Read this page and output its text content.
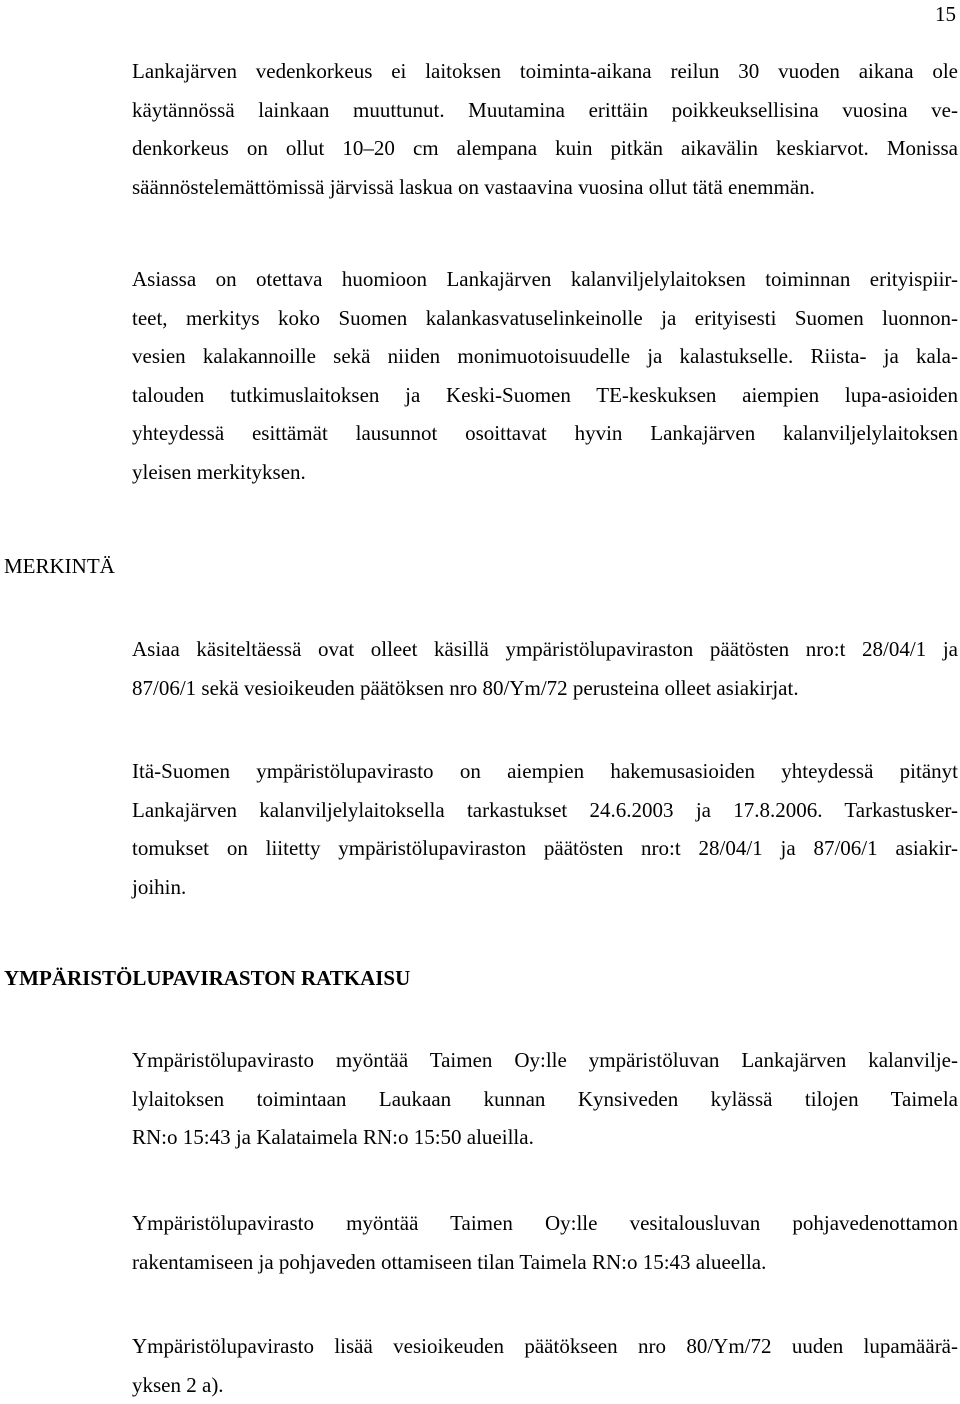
15
Lankajärven vedenkorkeus ei laitoksen toiminta-aikana reilun 30 vuoden aikana ole
käytännössä lainkaan muuttunut. Muutamina erittäin poikkeuksellisina vuosina ve-
denkorkeus on ollut 10–20 cm alempana kuin pitkän aikavälin keskiarvot. Monissa
säännöstelemättömissä järvissä laskua on vastaavina vuosina ollut tätä enemmän.
Asiassa on otettava huomioon Lankajärven kalanviljelylaitoksen toiminnan erityispiir-
teet, merkitys koko Suomen kalankasvatuselinkeinolle ja erityisesti Suomen luonnon-
vesien kalakannoille sekä niiden monimuotoisuudelle ja kalastukselle. Riista- ja kala-
talouden tutkimuslaitoksen ja Keski-Suomen TE-keskuksen aiempien lupa-asioiden
yhteydessä esittämät lausunnot osoittavat hyvin Lankajärven kalanviljelylaitoksen
yleisen merkityksen.
MERKINTÄ
Asiaa käsiteltäessä ovat olleet käsillä ympäristölupaviraston päätösten nro:t 28/04/1 ja
87/06/1 sekä vesioikeuden päätöksen nro 80/Ym/72 perusteina olleet asiakirjat.
Itä-Suomen ympäristölupavirasto on aiempien hakemusasioiden yhteydessä pitänyt
Lankajärven kalanviljelylaitoksella tarkastukset 24.6.2003 ja 17.8.2006. Tarkastusker-
tomukset on liitetty ympäristölupaviraston päätösten nro:t 28/04/1 ja 87/06/1 asiakir-
joihin.
YMPÄRISTÖLUPAVIRASTON RATKAISU
Ympäristölupavirasto myöntää Taimen Oy:lle ympäristöluvan Lankajärven kalanvilje-
lylaitoksen toimintaan Laukaan kunnan Kynsiveden kylässä tilojen Taimela
RN:o 15:43 ja Kalataimela RN:o 15:50 alueilla.
Ympäristölupavirasto myöntää Taimen Oy:lle vesitalousluvan pohjavedenottamon
rakentamiseen ja pohjaveden ottamiseen tilan Taimela RN:o 15:43 alueella.
Ympäristölupavirasto lisää vesioikeuden päätökseen nro 80/Ym/72 uuden lupamäärä-
yksen 2 a).
